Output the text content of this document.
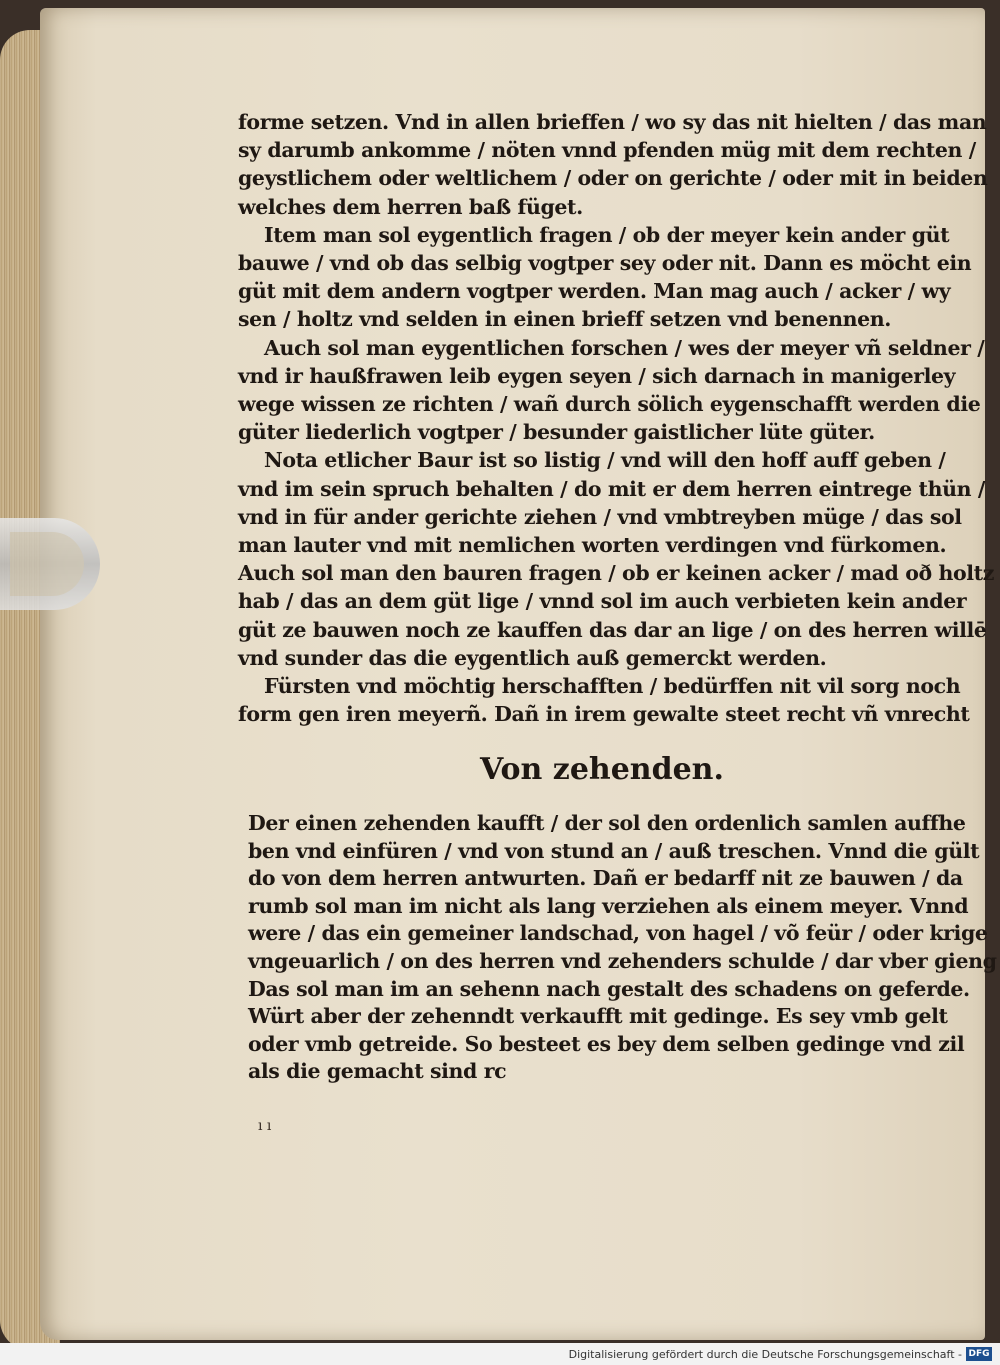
forme setzen. Vnd in allen brieffen / wo sy das nit hielten / das man
sy darumb ankomme / nöten vnnd pfenden müg mit dem rechten /
geystlichem oder weltlichem / oder on gerichte / oder mit in beiden
welches dem herren baß füget.
Item man sol eygentlich fragen / ob der meyer kein ander güt
bauwe / vnd ob das selbig vogtper sey oder nit. Dann es möcht ein
güt mit dem andern vogtper werden. Man mag auch / acker / wy
sen / holtz vnd selden in einen brieff setzen vnd benennen.
Auch sol man eygentlichen forschen / wes der meyer vñ seldner /
vnd ir haußfrawen leib eygen seyen / sich darnach in manigerley
wege wissen ze richten / wañ durch sölich eygenschafft werden die
güter liederlich vogtper / besunder gaistlicher lüte güter.
Nota etlicher Baur ist so listig / vnd will den hoff auff geben /
vnd im sein spruch behalten / do mit er dem herren eintrege thün /
vnd in für ander gerichte ziehen / vnd vmbtreyben müge / das sol
man lauter vnd mit nemlichen worten verdingen vnd fürkomen.
Auch sol man den bauren fragen / ob er keinen acker / mad oð holtz
hab / das an dem güt lige / vnnd sol im auch verbieten kein ander
güt ze bauwen noch ze kauffen das dar an lige / on des herren willē
vnd sunder das die eygentlich auß gemerckt werden.
Fürsten vnd möchtig herschafften / bedürffen nit vil sorg noch
form gen iren meyerñ. Dañ in irem gewalte steet recht vñ vnrecht
Von zehenden.
Der einen zehenden kaufft / der sol den ordenlich samlen auffhe
ben vnd einfüren / vnd von stund an / auß treschen. Vnnd die gült
do von dem herren antwurten. Dañ er bedarff nit ze bauwen / da
rumb sol man im nicht als lang verziehen als einem meyer. Vnnd
were / das ein gemeiner landschad, von hagel / võ feür / oder krige
vngeuarlich / on des herren vnd zehenders schulde / dar vber gieng
Das sol man im an sehenn nach gestalt des schadens on geferde.
Würt aber der zehenndt verkaufft mit gedinge. Es sey vmb gelt
oder vmb getreide. So besteet es bey dem selben gedinge vnd zil
als die gemacht sind rc
ı ı
Digitalisierung gefördert durch die Deutsche Forschungsgemeinschaft - DFG
